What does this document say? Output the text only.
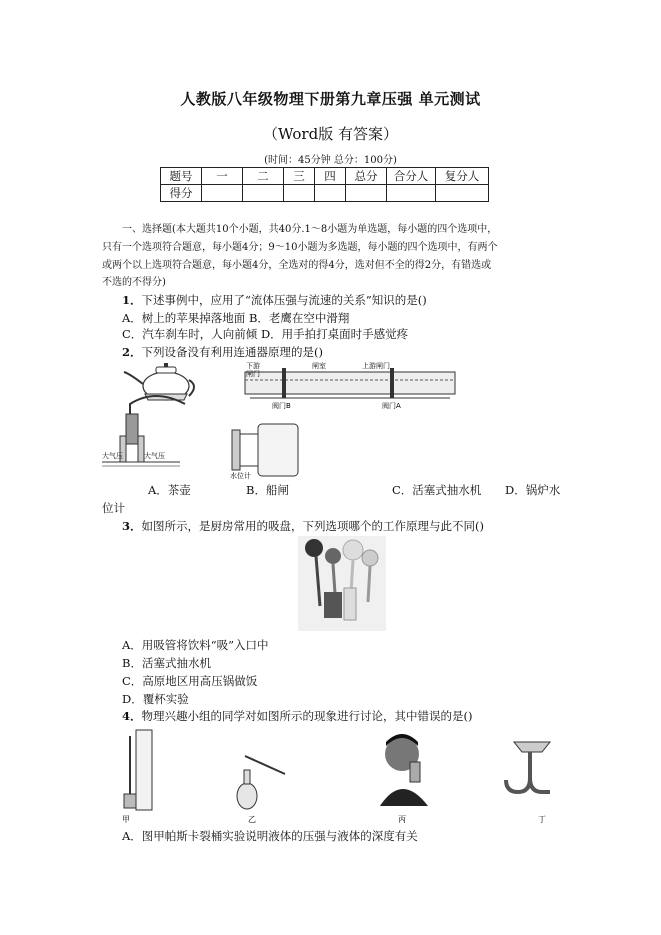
人教版八年级物理下册第九章压强 单元测试
（Word版 有答案）
(时间：45分钟 总分：100分)
题号	一	二	三	四	总分	合分人	复分人
得分							
一、选择题(本大题共10个小题，共40分.1～8小题为单选题，每小题的四个选项中，
只有一个选项符合题意，每小题4分；9～10小题为多选题，每小题的四个选项中，有两个
或两个以上选项符合题意，每小题4分，全选对的得4分，选对但不全的得2分，有错选或
不选的不得分)
1．下述事例中，应用了“流体压强与流速的关系”知识的是()
A．树上的苹果掉落地面 B．老鹰在空中滑翔
C．汽车刹车时，人向前倾 D．用手拍打桌面时手感觉疼
2．下列设备没有利用连通器原理的是()
下游
闸门
闸室	上游闸门
阀门B	阀门A
大气压	大气压
水位计
A．茶壶	B．船闸	C．活塞式抽水机 D．锅炉水
位计
3．如图所示，是厨房常用的吸盘，下列选项哪个的工作原理与此不同()
A．用吸管将饮料“吸”入口中
B．活塞式抽水机
C．高原地区用高压锅做饭
D．覆杯实验
4．物理兴趣小组的同学对如图所示的现象进行讨论，其中错误的是()
甲	乙	丙	丁
A．图甲帕斯卡裂桶实验说明液体的压强与液体的深度有关
